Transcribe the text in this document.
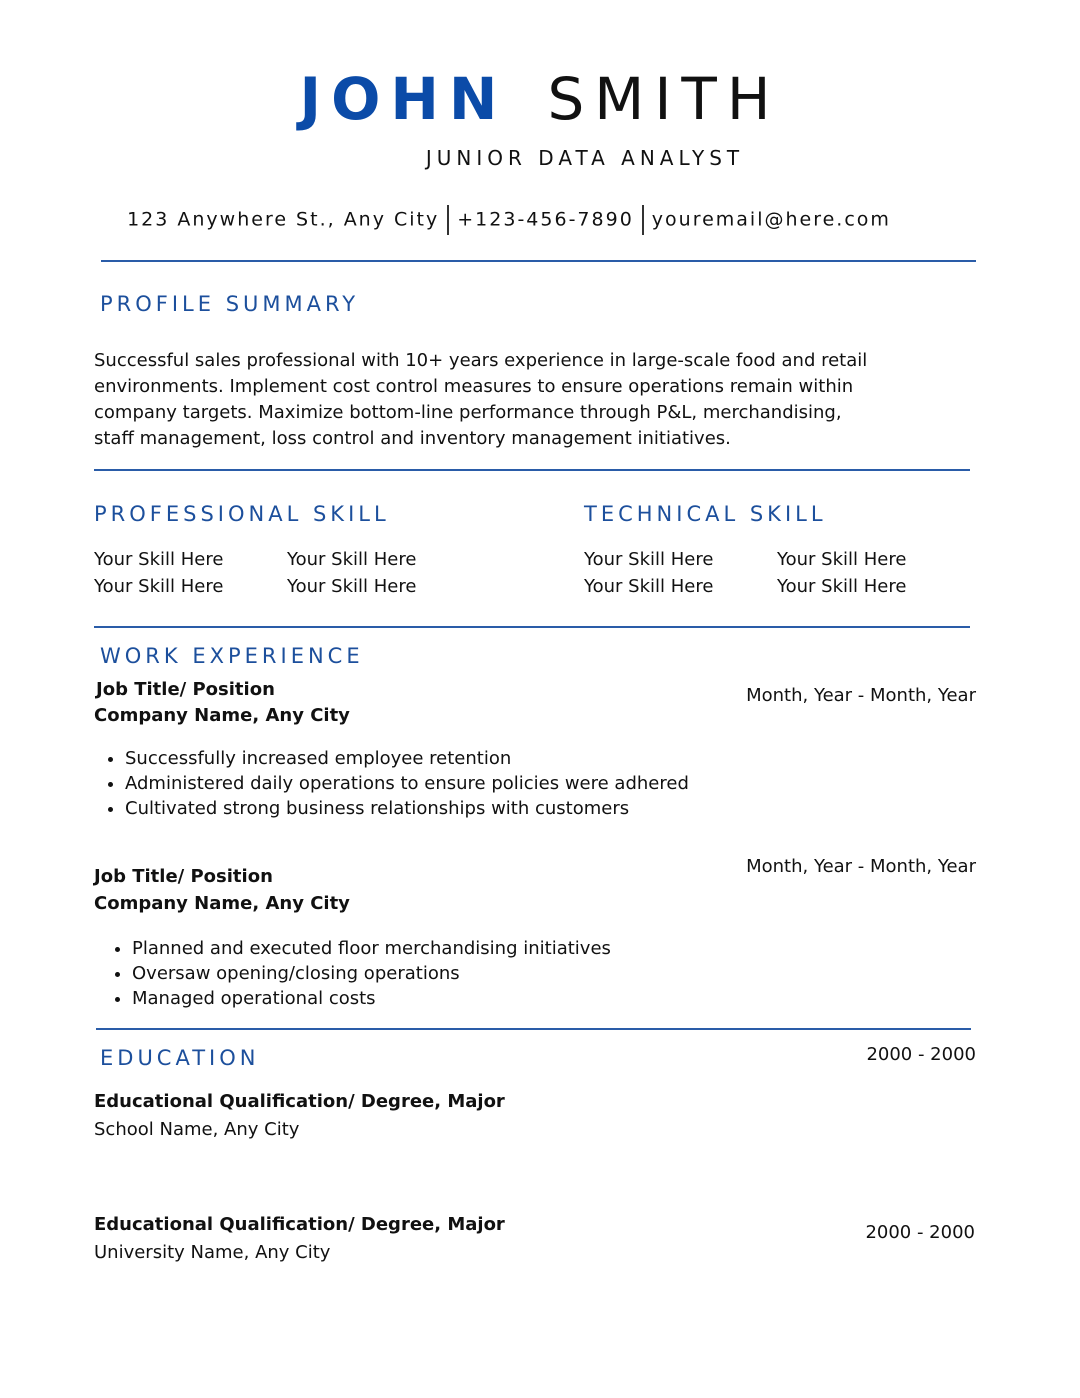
JOHN SMITH
JUNIOR DATA ANALYST
123 Anywhere St., Any City +123-456-7890 youremail@here.com
PROFILE SUMMARY
Successful sales professional with 10+ years experience in large-scale food and retail environments. Implement cost control measures to ensure operations remain within company targets. Maximize bottom-line performance through P&L, merchandising, staff management, loss control and inventory management initiatives.
PROFESSIONAL SKILL
Your Skill Here	Your Skill Here
Your Skill Here	Your Skill Here
TECHNICAL SKILL
Your Skill Here	Your Skill Here
Your Skill Here	Your Skill Here
WORK EXPERIENCE
Job Title/ Position
Company Name, Any City
Month, Year - Month, Year
• Successfully increased employee retention
• Administered daily operations to ensure policies were adhered
• Cultivated strong business relationships with customers
Job Title/ Position
Company Name, Any City
Month, Year - Month, Year
• Planned and executed floor merchandising initiatives
• Oversaw opening/closing operations
• Managed operational costs
EDUCATION	2000 - 2000
Educational Qualification/ Degree, Major
School Name, Any City
Educational Qualification/ Degree, Major	2000 - 2000
University Name, Any City
